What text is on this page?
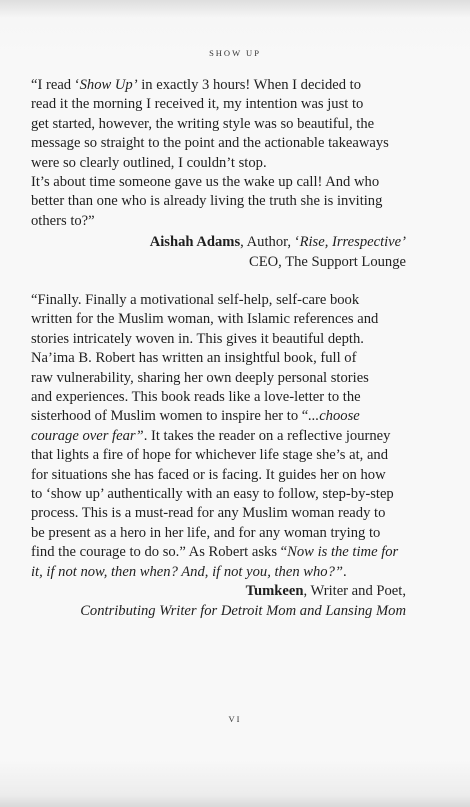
SHOW UP
“I read ‘Show Up’ in exactly 3 hours! When I decided to
read it the morning I received it, my intention was just to
get started, however, the writing style was so beautiful, the
message so straight to the point and the actionable takeaways
were so clearly outlined, I couldn’t stop.
It’s about time someone gave us the wake up call! And who
better than one who is already living the truth she is inviting
others to?”
Aishah Adams, Author, ‘Rise, Irrespective’
CEO, The Support Lounge
“Finally. Finally a motivational self-help, self-care book
written for the Muslim woman, with Islamic references and
stories intricately woven in. This gives it beautiful depth.
Na’ima B. Robert has written an insightful book, full of
raw vulnerability, sharing her own deeply personal stories
and experiences. This book reads like a love-letter to the
sisterhood of Muslim women to inspire her to “...choose
courage over fear”. It takes the reader on a reflective journey
that lights a fire of hope for whichever life stage she’s at, and
for situations she has faced or is facing. It guides her on how
to ‘show up’ authentically with an easy to follow, step-by-step
process. This is a must-read for any Muslim woman ready to
be present as a hero in her life, and for any woman trying to
find the courage to do so.” As Robert asks “Now is the time for
it, if not now, then when? And, if not you, then who?”.
Tumkeen, Writer and Poet,
Contributing Writer for Detroit Mom and Lansing Mom
VI
